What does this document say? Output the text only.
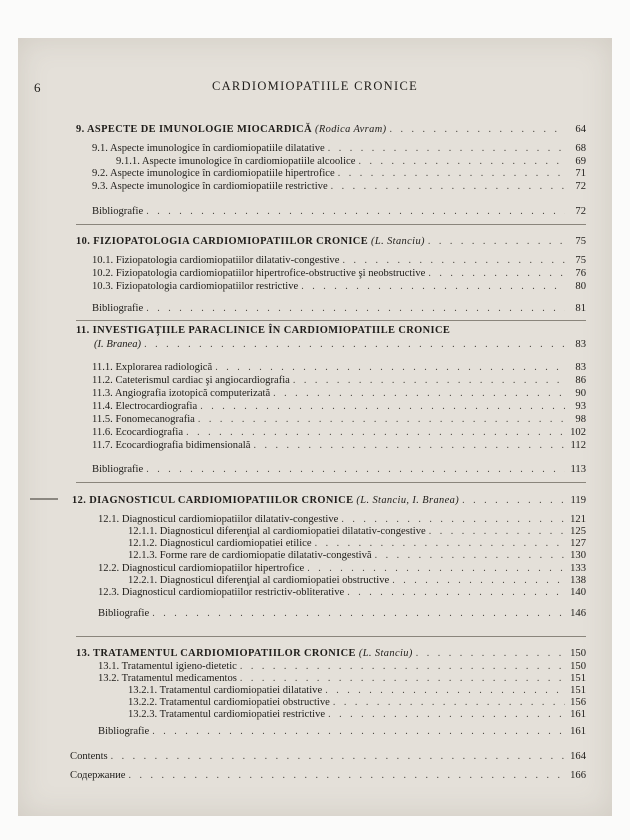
6	CARDIOMIOPATIILE CRONICE
9. ASPECTE DE IMUNOLOGIE MIOCARDICĂ (Rodica Avram) . . .	64
9.1. Aspecte imunologice în cardiomiopatiile dilatative . . .	68
9.1.1. Aspecte imunologice în cardiomiopatiile alcoolice . . .	69
9.2. Aspecte imunologice în cardiomiopatiile hipertrofice . . .	71
9.3. Aspecte imunologice în cardiomiopatiile restrictive . . .	72
Bibliografie . . .	72
10. FIZIOPATOLOGIA CARDIOMIOPATIILOR CRONICE (L. Stanciu) . . .	75
10.1. Fiziopatologia cardiomiopatiilor dilatativ-congestive . . .	75
10.2. Fiziopatologia cardiomiopatiilor hipertrofice-obstructive şi neobstructive . . .	76
10.3. Fiziopatologia cardiomiopatiilor restrictive . . .	80
Bibliografie . . .	81
11. INVESTIGAŢIILE PARACLINICE ÎN CARDIOMIOPATIILE CRONICE
(I. Branea) . . .	83
11.1. Explorarea radiologică . . .	83
11.2. Cateterismul cardiac şi angiocardiografia . . .	86
11.3. Angiografia izotopică computerizată . . .	90
11.4. Electrocardiografia . . .	93
11.5. Fonomecanografia . . .	98
11.6. Ecocardiografia . . .	102
11.7. Ecocardiografia bidimensională . . .	112
Bibliografie . . .	113
12. DIAGNOSTICUL CARDIOMIOPATIILOR CRONICE (L. Stanciu, I. Branea) . . .	119
12.1. Diagnosticul cardiomiopatiilor dilatativ-congestive . . .	121
12.1.1. Diagnosticul diferenţial al cardiomiopatiei dilatativ-congestive . . .	125
12.1.2. Diagnosticul cardiomiopatiei etilice . . .	127
12.1.3. Forme rare de cardiomiopatie dilatativ-congestivă . . .	130
12.2. Diagnosticul cardiomiopatiilor hipertrofice . . .	133
12.2.1. Diagnosticul diferenţial al cardiomiopatiei obstructive . . .	138
12.3. Diagnosticul cardiomiopatiilor restrictiv-obliterative . . .	140
Bibliografie . . .	146
13. TRATAMENTUL CARDIOMIOPATIILOR CRONICE (L. Stanciu) . . .	150
13.1. Tratamentul igieno-dietetic . . .	150
13.2. Tratamentul medicamentos . . .	151
13.2.1. Tratamentul cardiomiopatiei dilatative . . .	151
13.2.2. Tratamentul cardiomiopatiei obstructive . . .	156
13.2.3. Tratamentul cardiomiopatiei restrictive . . .	161
Bibliografie . . .	161
Contents . . .	164
Содержание . . .	166
